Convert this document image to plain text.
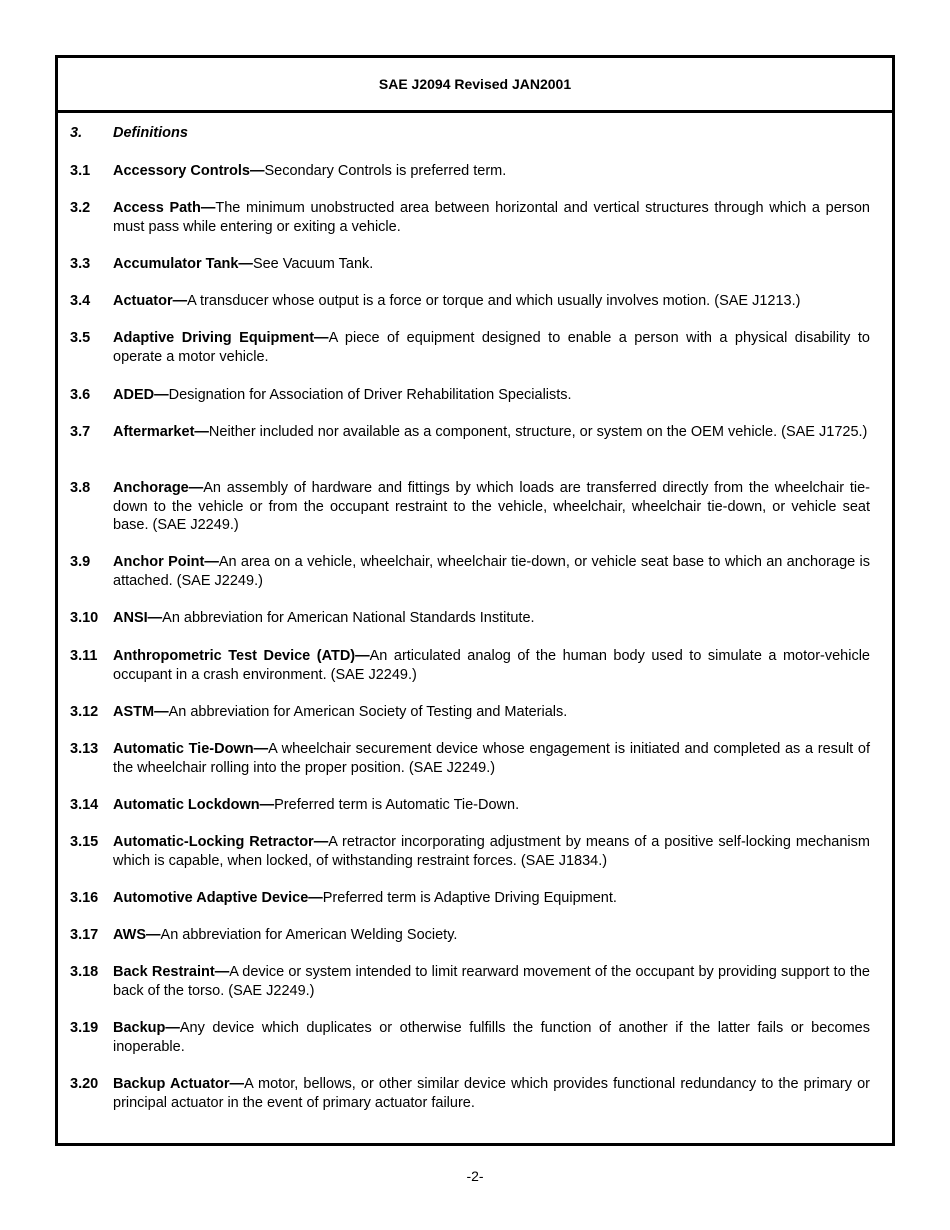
SAE J2094 Revised JAN2001
3. Definitions
3.1	Accessory Controls—Secondary Controls is preferred term.
3.2	Access Path—The minimum unobstructed area between horizontal and vertical structures through which a person must pass while entering or exiting a vehicle.
3.3	Accumulator Tank—See Vacuum Tank.
3.4	Actuator—A transducer whose output is a force or torque and which usually involves motion. (SAE J1213.)
3.5	Adaptive Driving Equipment—A piece of equipment designed to enable a person with a physical disability to operate a motor vehicle.
3.6	ADED—Designation for Association of Driver Rehabilitation Specialists.
3.7	Aftermarket—Neither included nor available as a component, structure, or system on the OEM vehicle. (SAE J1725.)
3.8	Anchorage—An assembly of hardware and fittings by which loads are transferred directly from the wheelchair tie-down to the vehicle or from the occupant restraint to the vehicle, wheelchair, wheelchair tie-down, or vehicle seat base. (SAE J2249.)
3.9	Anchor Point—An area on a vehicle, wheelchair, wheelchair tie-down, or vehicle seat base to which an anchorage is attached. (SAE J2249.)
3.10	ANSI—An abbreviation for American National Standards Institute.
3.11	Anthropometric Test Device (ATD)—An articulated analog of the human body used to simulate a motor-vehicle occupant in a crash environment. (SAE J2249.)
3.12	ASTM—An abbreviation for American Society of Testing and Materials.
3.13	Automatic Tie-Down—A wheelchair securement device whose engagement is initiated and completed as a result of the wheelchair rolling into the proper position. (SAE J2249.)
3.14	Automatic Lockdown—Preferred term is Automatic Tie-Down.
3.15	Automatic-Locking Retractor—A retractor incorporating adjustment by means of a positive self-locking mechanism which is capable, when locked, of withstanding restraint forces. (SAE J1834.)
3.16	Automotive Adaptive Device—Preferred term is Adaptive Driving Equipment.
3.17	AWS—An abbreviation for American Welding Society.
3.18	Back Restraint—A device or system intended to limit rearward movement of the occupant by providing support to the back of the torso. (SAE J2249.)
3.19	Backup—Any device which duplicates or otherwise fulfills the function of another if the latter fails or becomes inoperable.
3.20	Backup Actuator—A motor, bellows, or other similar device which provides functional redundancy to the primary or principal actuator in the event of primary actuator failure.
-2-
